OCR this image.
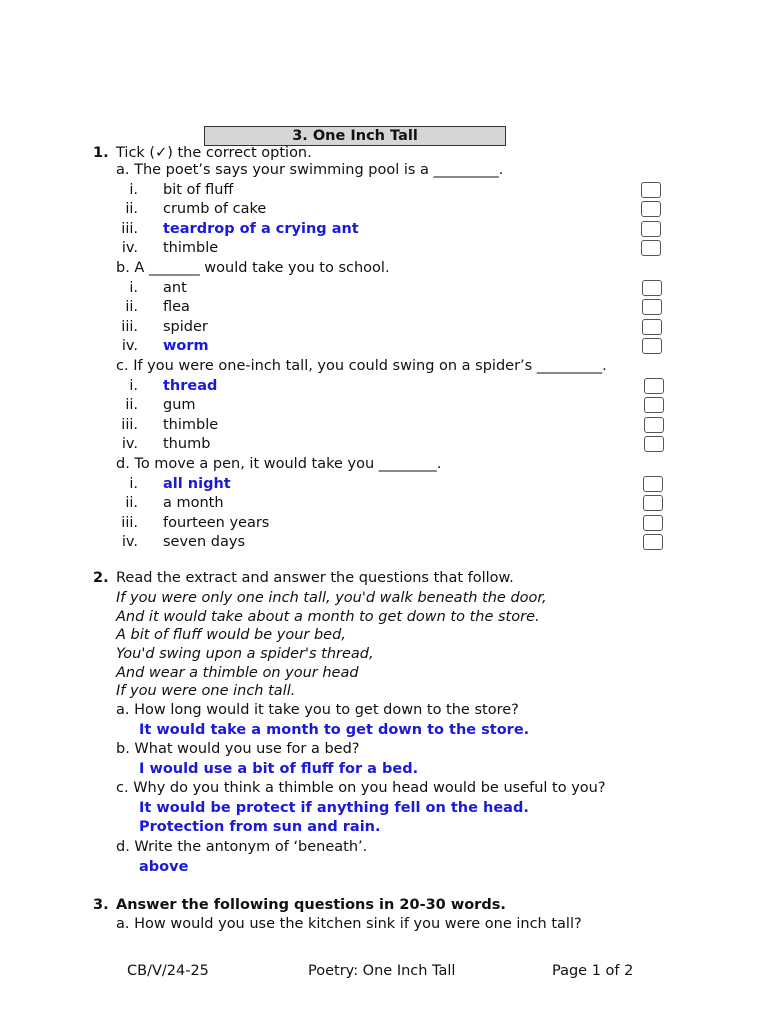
3. One Inch Tall
1. Tick (✓) the correct option.
a. The poet’s says your swimming pool is a _________.
i. bit of fluff
ii. crumb of cake
iii. teardrop of a crying ant
iv. thimble
b. A _______ would take you to school.
i. ant
ii. flea
iii. spider
iv. worm
c. If you were one-inch tall, you could swing on a spider’s _________.
i. thread
ii. gum
iii. thimble
iv. thumb
d. To move a pen, it would take you ________.
i. all night
ii. a month
iii. fourteen years
iv. seven days
2. Read the extract and answer the questions that follow.
If you were only one inch tall, you'd walk beneath the door,
And it would take about a month to get down to the store.
A bit of fluff would be your bed,
You'd swing upon a spider's thread,
And wear a thimble on your head
If you were one inch tall.
a. How long would it take you to get down to the store?
It would take a month to get down to the store.
b. What would you use for a bed?
I would use a bit of fluff for a bed.
c. Why do you think a thimble on you head would be useful to you?
It would be protect if anything fell on the head.
Protection from sun and rain.
d. Write the antonym of ‘beneath’.
above
3. Answer the following questions in 20-30 words.
a. How would you use the kitchen sink if you were one inch tall?
CB/V/24-25	Poetry: One Inch Tall	Page 1 of 2
